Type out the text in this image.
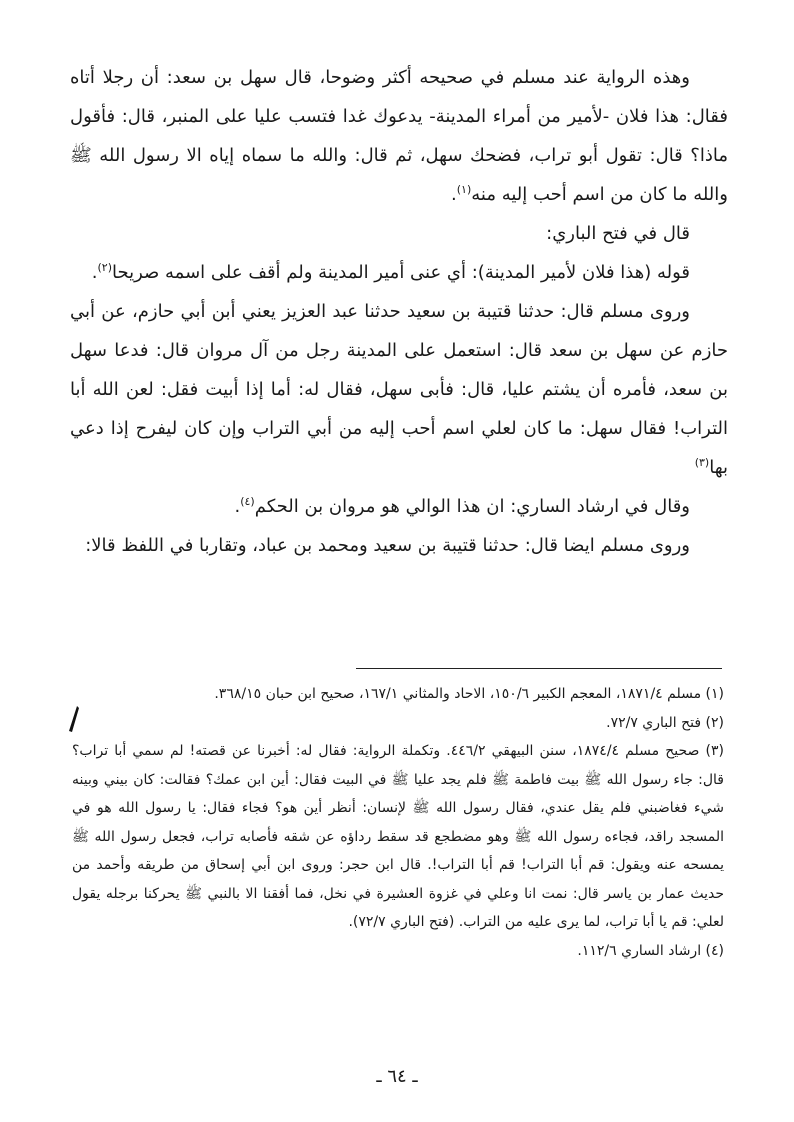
وهذه الرواية عند مسلم في صحيحه أكثر وضوحا، قال سهل بن سعد: أن رجلا أتاه فقال: هذا فلان -لأمير من أمراء المدينة- يدعوك غدا فتسب عليا على المنبر، قال: فأقول ماذا؟ قال: تقول أبو تراب، فضحك سهل، ثم قال: والله ما سماه إياه الا رسول الله ﷺ والله ما كان من اسم أحب إليه منه$^{(١)}$.

قال في فتح الباري:

قوله (هذا فلان لأمير المدينة): أي عنى أمير المدينة ولم أقف على اسمه صريحا$^{(٢)}$.

وروى مسلم قال: حدثنا قتيبة بن سعيد حدثنا عبد العزيز يعني أبن أبي حازم، عن أبي حازم عن سهل بن سعد قال: استعمل على المدينة رجل من آل مروان قال: فدعا سهل بن سعد، فأمره أن يشتم عليا، قال: فأبى سهل، فقال له: أما إذا أبيت فقل: لعن الله أبا التراب! فقال سهل: ما كان لعلي اسم أحب إليه من أبي التراب وإن كان ليفرح إذا دعي بها$^{(٣)}$

وقال في ارشاد الساري: ان هذا الوالي هو مروان بن الحكم$^{(٤)}$.

وروى مسلم ايضا قال: حدثنا قتيبة بن سعيد ومحمد بن عباد، وتقاربا في اللفظ قالا:

(١) مسلم ١٨٧١/٤، المعجم الكبير ١٥٠/٦، الاحاد والمثاني ١٦٧/١، صحيح ابن حبان ٣٦٨/١٥.

(٢) فتح الباري ٧٢/٧.

(٣) صحيح مسلم ١٨٧٤/٤، سنن البيهقي ٤٤٦/٢. وتكملة الرواية: فقال له: أخبرنا عن قصته! لم سمي أبا تراب؟ قال: جاء رسول الله ﷺ بيت فاطمة ﷺ فلم يجد عليا ﷺ في البيت فقال: أين ابن عمك؟ فقالت: كان بيني وبينه شيء فغاضبني فلم يقل عندي، فقال رسول الله ﷺ لإنسان: أنظر أين هو؟ فجاء فقال: يا رسول الله هو في المسجد راقد، فجاءه رسول الله ﷺ وهو مضطجع قد سقط رداؤه عن شقه فأصابه تراب، فجعل رسول الله ﷺ يمسحه عنه ويقول: قم أبا التراب! قم أبا التراب!. قال ابن حجر: وروى ابن أبي إسحاق من طريقه وأحمد من حديث عمار بن ياسر قال: نمت انا وعلي في غزوة العشيرة في نخل، فما أفقنا الا بالنبي ﷺ يحركنا برجله يقول لعلي: قم يا أبا تراب، لما يرى عليه من التراب. (فتح الباري ٧٢/٧).

(٤) ارشاد الساري ١١٢/٦.

ـ ٦٤ ـ
